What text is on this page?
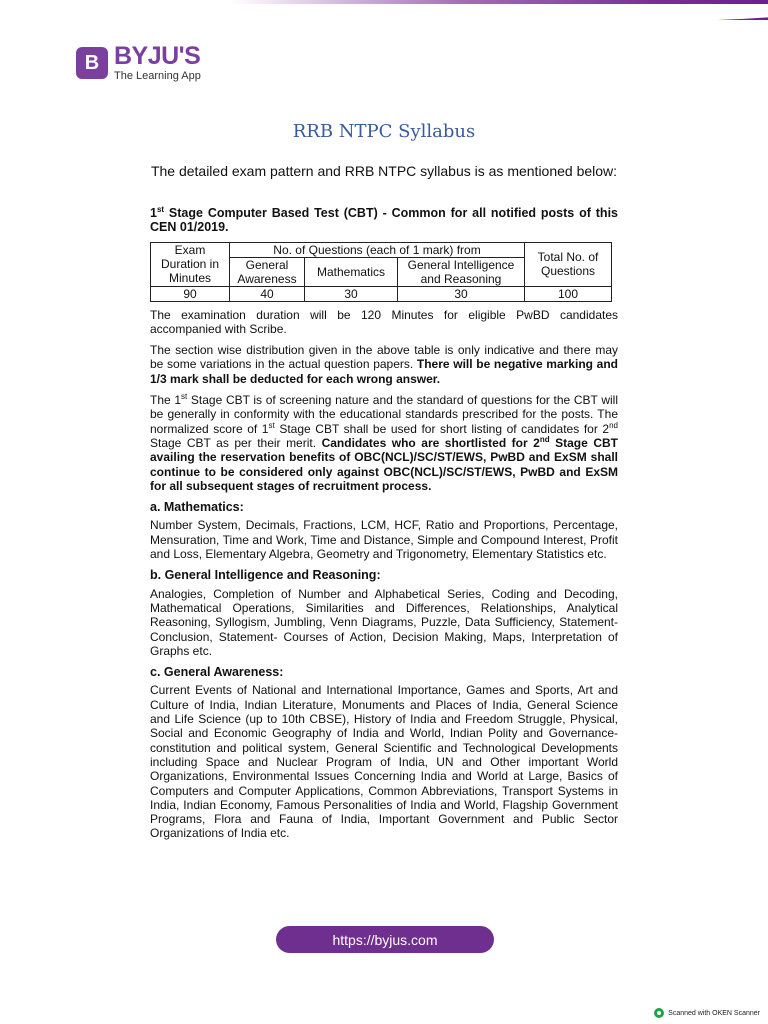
B BYJU'S
The Learning App
RRB NTPC Syllabus
The detailed exam pattern and RRB NTPC syllabus is as mentioned below:

1st Stage Computer Based Test (CBT) - Common for all notified posts of this CEN 01/2019.

Exam Duration in Minutes	No. of Questions (each of 1 mark) from			Total No. of Questions
	General Awareness	Mathematics	General Intelligence and Reasoning	
90	40	30	30	100

The examination duration will be 120 Minutes for eligible PwBD candidates accompanied with Scribe.

The section wise distribution given in the above table is only indicative and there may be some variations in the actual question papers. There will be negative marking and 1/3 mark shall be deducted for each wrong answer.

The 1st Stage CBT is of screening nature and the standard of questions for the CBT will be generally in conformity with the educational standards prescribed for the posts. The normalized score of 1st Stage CBT shall be used for short listing of candidates for 2nd Stage CBT as per their merit. Candidates who are shortlisted for 2nd Stage CBT availing the reservation benefits of OBC(NCL)/SC/ST/EWS, PwBD and ExSM shall continue to be considered only against OBC(NCL)/SC/ST/EWS, PwBD and ExSM for all subsequent stages of recruitment process.

a. Mathematics:

Number System, Decimals, Fractions, LCM, HCF, Ratio and Proportions, Percentage, Mensuration, Time and Work, Time and Distance, Simple and Compound Interest, Profit and Loss, Elementary Algebra, Geometry and Trigonometry, Elementary Statistics etc.

b. General Intelligence and Reasoning:

Analogies, Completion of Number and Alphabetical Series, Coding and Decoding, Mathematical Operations, Similarities and Differences, Relationships, Analytical Reasoning, Syllogism, Jumbling, Venn Diagrams, Puzzle, Data Sufficiency, Statement- Conclusion, Statement- Courses of Action, Decision Making, Maps, Interpretation of Graphs etc.

c. General Awareness:

Current Events of National and International Importance, Games and Sports, Art and Culture of India, Indian Literature, Monuments and Places of India, General Science and Life Science (up to 10th CBSE), History of India and Freedom Struggle, Physical, Social and Economic Geography of India and World, Indian Polity and Governance- constitution and political system, General Scientific and Technological Developments including Space and Nuclear Program of India, UN and Other important World Organizations, Environmental Issues Concerning India and World at Large, Basics of Computers and Computer Applications, Common Abbreviations, Transport Systems in India, Indian Economy, Famous Personalities of India and World, Flagship Government Programs, Flora and Fauna of India, Important Government and Public Sector Organizations of India etc.

https://byjus.com
Scanned with OKEN Scanner
